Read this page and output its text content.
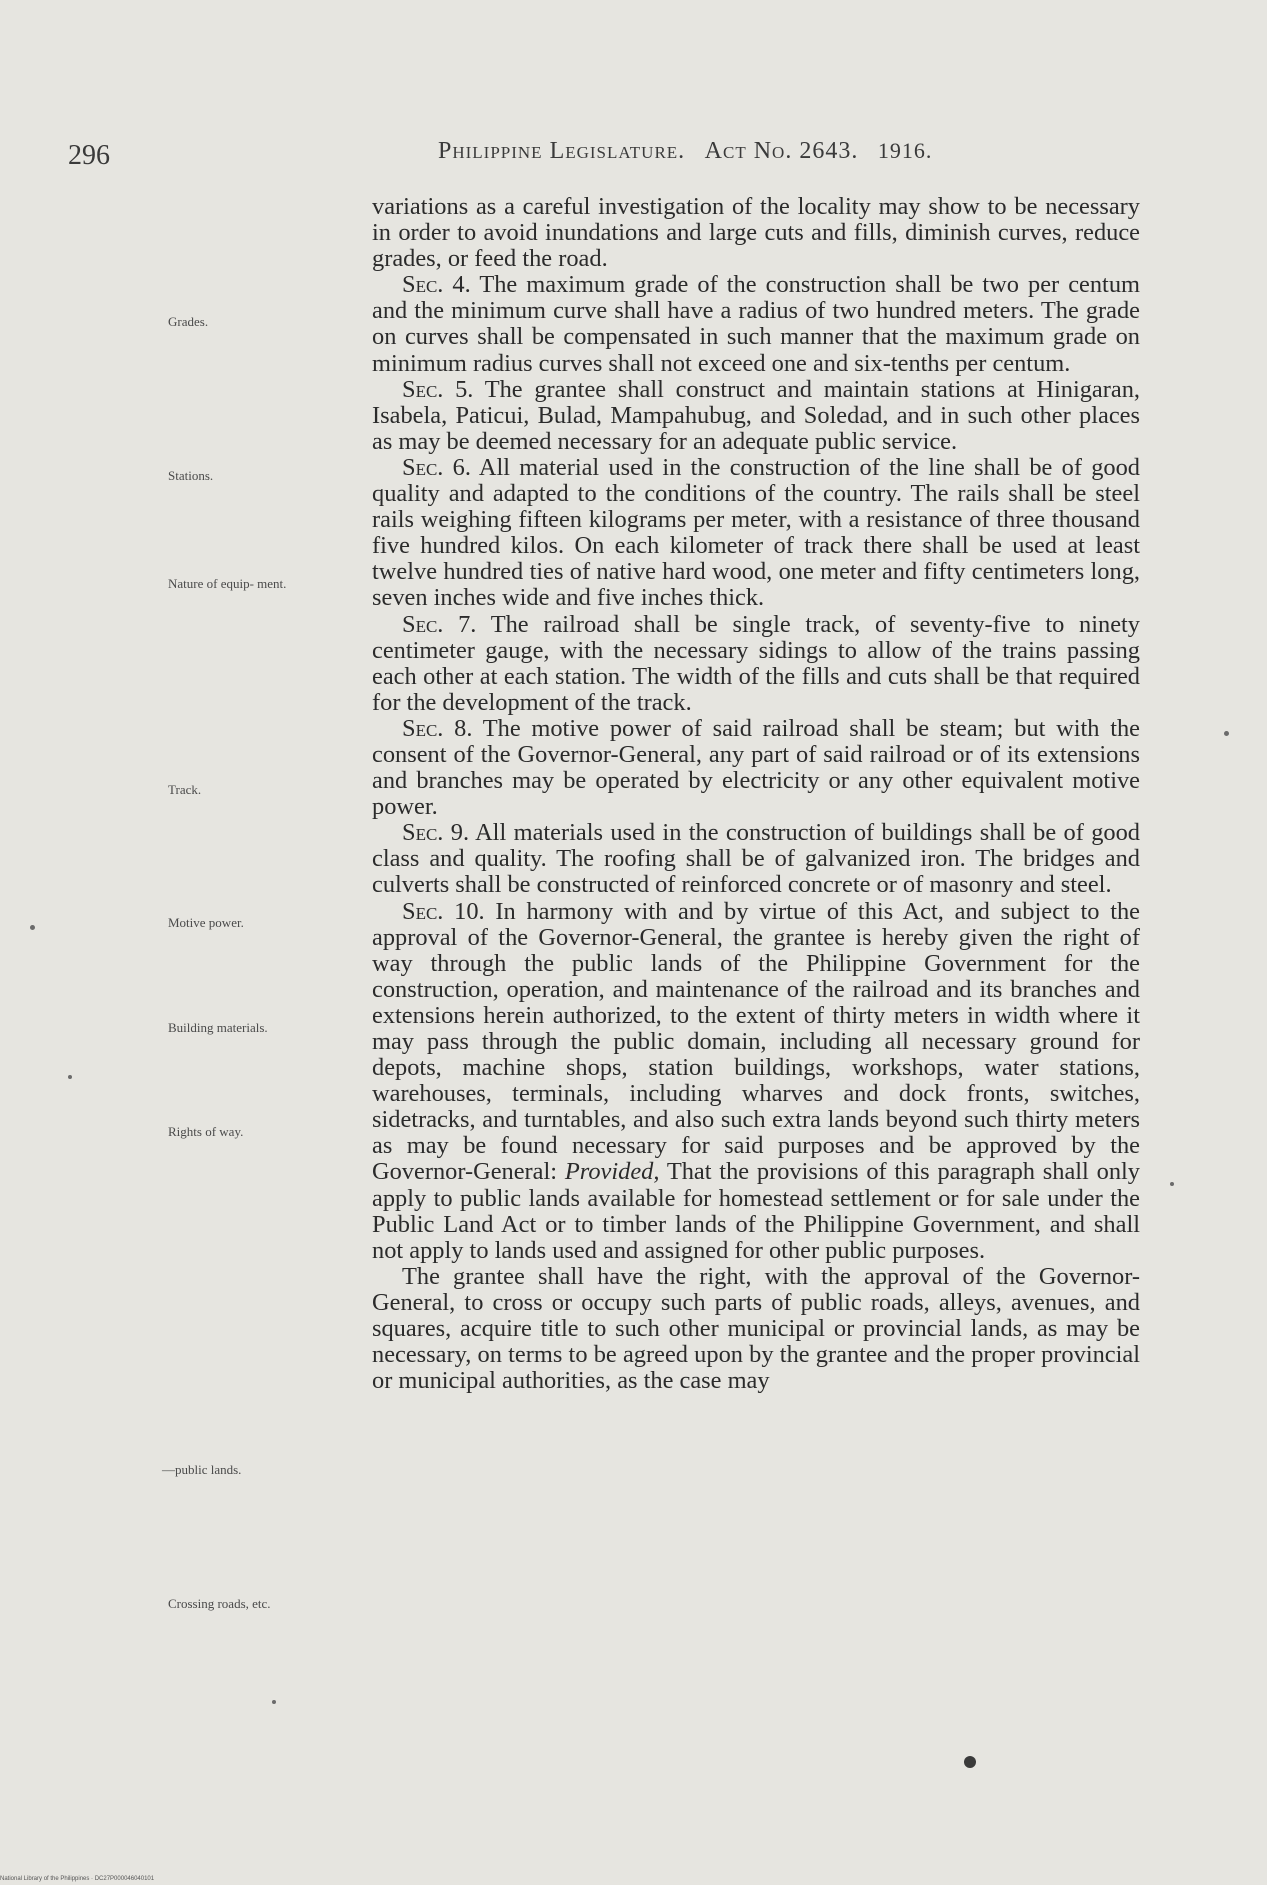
296	Philippine Legislature. Act No. 2643. 1916.
Grades.
Stations.
Nature of equip- ment.
Track.
Motive power.
Building materials.
Rights of way.
—public lands.
Crossing roads, etc.

variations as a careful investigation of the locality may show to be necessary in order to avoid inundations and large cuts and fills, diminish curves, reduce grades, or feed the road.

Sec. 4. The maximum grade of the construction shall be two per centum and the minimum curve shall have a radius of two hundred meters. The grade on curves shall be compensated in such manner that the maximum grade on minimum radius curves shall not exceed one and six-tenths per centum.

Sec. 5. The grantee shall construct and maintain stations at Hinigaran, Isabela, Paticui, Bulad, Mampahubug, and Soledad, and in such other places as may be deemed necessary for an adequate public service.

Sec. 6. All material used in the construction of the line shall be of good quality and adapted to the conditions of the country. The rails shall be steel rails weighing fifteen kilograms per meter, with a resistance of three thousand five hundred kilos. On each kilometer of track there shall be used at least twelve hundred ties of native hard wood, one meter and fifty centimeters long, seven inches wide and five inches thick.

Sec. 7. The railroad shall be single track, of seventy-five to ninety centimeter gauge, with the necessary sidings to allow of the trains passing each other at each station. The width of the fills and cuts shall be that required for the development of the track.

Sec. 8. The motive power of said railroad shall be steam; but with the consent of the Governor-General, any part of said railroad or of its extensions and branches may be operated by electricity or any other equivalent motive power.

Sec. 9. All materials used in the construction of buildings shall be of good class and quality. The roofing shall be of galvanized iron. The bridges and culverts shall be constructed of reinforced concrete or of masonry and steel.

Sec. 10. In harmony with and by virtue of this Act, and subject to the approval of the Governor-General, the grantee is hereby given the right of way through the public lands of the Philippine Government for the construction, operation, and maintenance of the railroad and its branches and extensions herein authorized, to the extent of thirty meters in width where it may pass through the public domain, including all necessary ground for depots, machine shops, station buildings, workshops, water stations, warehouses, terminals, including wharves and dock fronts, switches, sidetracks, and turntables, and also such extra lands beyond such thirty meters as may be found necessary for said purposes and be approved by the Governor-General: Provided, That the provisions of this paragraph shall only apply to public lands available for homestead settlement or for sale under the Public Land Act or to timber lands of the Philippine Government, and shall not apply to lands used and assigned for other public purposes.

The grantee shall have the right, with the approval of the Governor-General, to cross or occupy such parts of public roads, alleys, avenues, and squares, acquire title to such other municipal or provincial lands, as may be necessary, on terms to be agreed upon by the grantee and the proper provincial or municipal authorities, as the case may

National Library of the Philippines · DC27P000046040101
